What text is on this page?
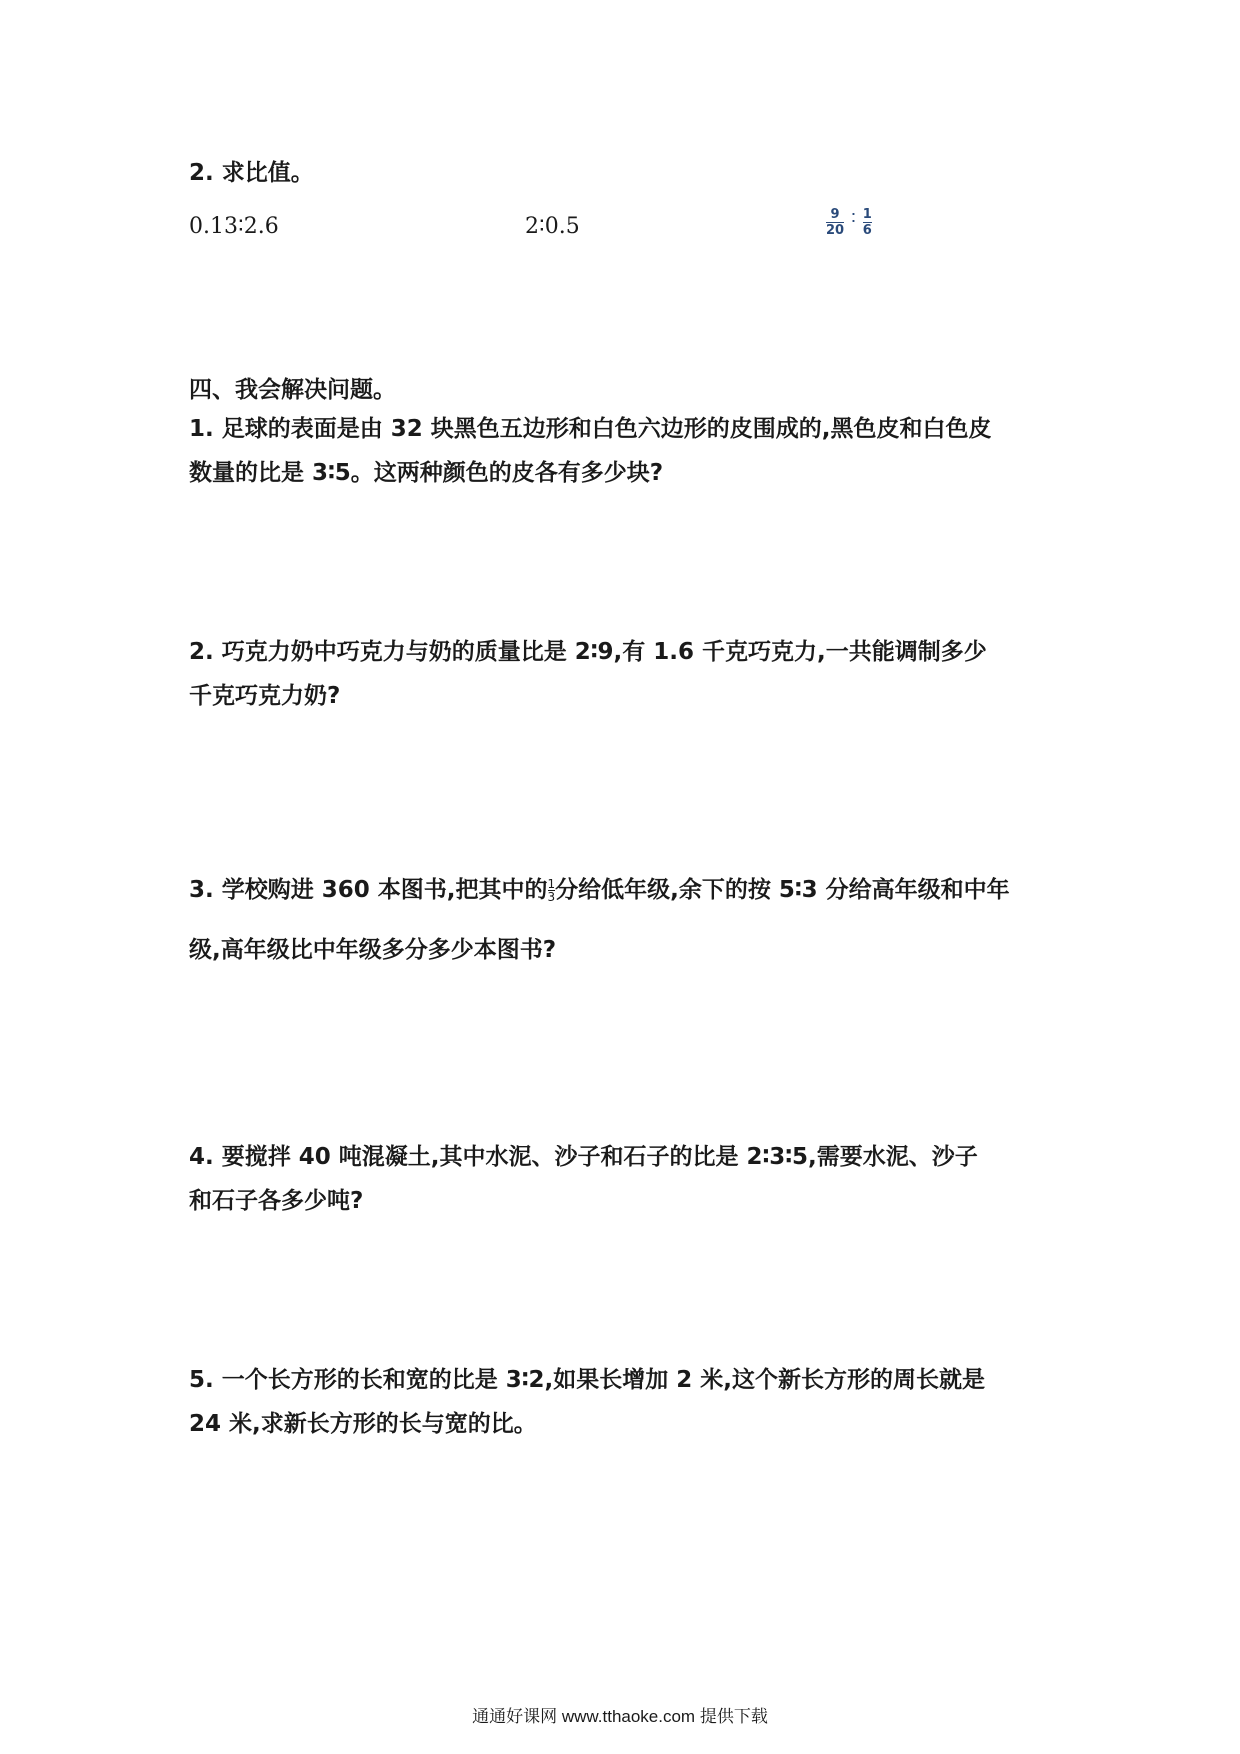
2. 求比值。
0.13∶2.6	2∶0.5	$\frac{9}{20}$ ∶ $\frac{1}{6}$
四、我会解决问题。
1. 足球的表面是由 32 块黑色五边形和白色六边形的皮围成的,黑色皮和白色皮
数量的比是 3∶5。这两种颜色的皮各有多少块?
2. 巧克力奶中巧克力与奶的质量比是 2∶9,有 1.6 千克巧克力,一共能调制多少
千克巧克力奶?
3. 学校购进 360 本图书,把其中的$\frac{1}{3}$ 分给低年级,余下的按 5∶3 分给高年级和中年
级,高年级比中年级多分多少本图书?
4. 要搅拌 40 吨混凝土,其中水泥、沙子和石子的比是 2∶3∶5,需要水泥、沙子
和石子各多少吨?
5. 一个长方形的长和宽的比是 3∶2,如果长增加 2 米,这个新长方形的周长就是
24 米,求新长方形的长与宽的比。
通通好课网 www.tthaoke.com 提供下载
